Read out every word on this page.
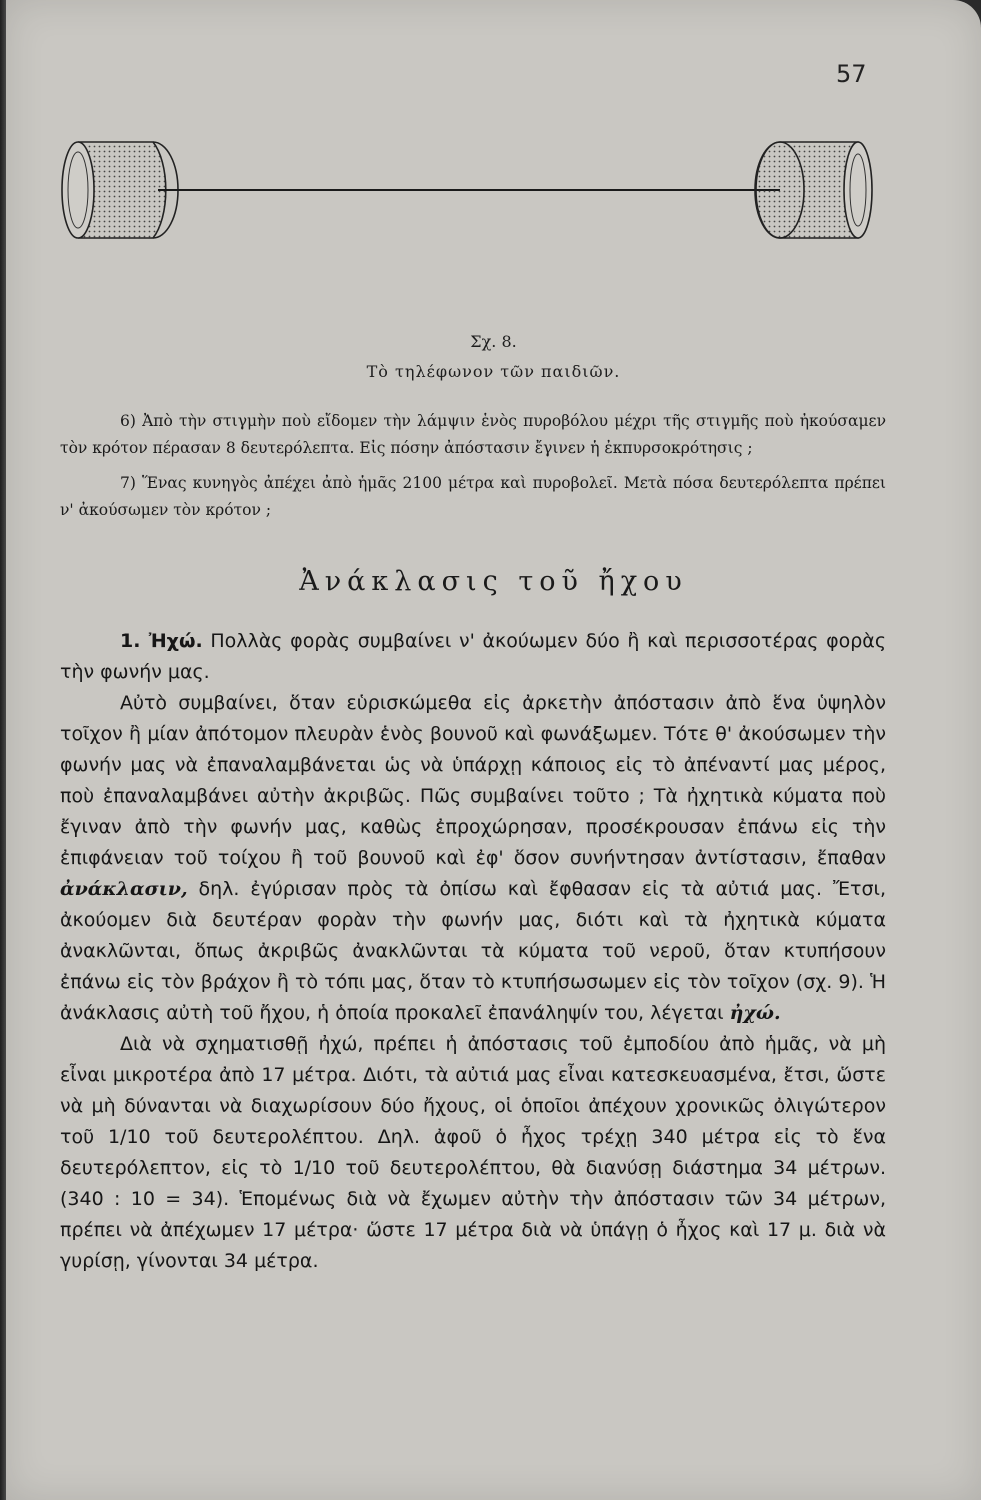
57
Σχ. 8.
Τὸ τηλέφωνον τῶν παιδιῶν.

6) Ἀπὸ τὴν στιγμὴν ποὺ εἴδομεν τὴν λάμψιν ἑνὸς πυροβόλου μέχρι τῆς στιγμῆς ποὺ ἠκούσαμεν τὸν κρότον πέρασαν 8 δευτερόλεπτα. Εἰς πόσην ἀπόστασιν ἔγινεν ἡ ἐκπυρσοκρότησις ;

7) Ἕνας κυνηγὸς ἀπέχει ἀπὸ ἡμᾶς 2100 μέτρα καὶ πυροβολεῖ. Μετὰ πόσα δευτερόλεπτα πρέπει ν' ἀκούσωμεν τὸν κρότον ;

Ἀνάκλασις τοῦ ἤχου

1. Ἠχώ. Πολλὰς φορὰς συμβαίνει ν' ἀκούωμεν δύο ἢ καὶ περισσοτέρας φορὰς τὴν φωνήν μας.

Αὐτὸ συμβαίνει, ὅταν εὑρισκώμεθα εἰς ἀρκετὴν ἀπόστασιν ἀπὸ ἕνα ὑψηλὸν τοῖχον ἢ μίαν ἀπότομον πλευρὰν ἑνὸς βουνοῦ καὶ φωνάξωμεν. Τότε θ' ἀκούσωμεν τὴν φωνήν μας νὰ ἐπαναλαμβάνεται ὡς νὰ ὑπάρχῃ κάποιος εἰς τὸ ἀπέναντί μας μέρος, ποὺ ἐπαναλαμβάνει αὐτὴν ἀκριβῶς. Πῶς συμβαίνει τοῦτο ; Τὰ ἠχητικὰ κύματα ποὺ ἔγιναν ἀπὸ τὴν φωνήν μας, καθὼς ἐπροχώρησαν, προσέκρουσαν ἐπάνω εἰς τὴν ἐπιφάνειαν τοῦ τοίχου ἢ τοῦ βουνοῦ καὶ ἐφ' ὅσον συνήντησαν ἀντίστασιν, ἔπαθαν ἀνάκλασιν, δηλ. ἐγύρισαν πρὸς τὰ ὀπίσω καὶ ἔφθασαν εἰς τὰ αὐτιά μας. Ἔτσι, ἀκούομεν διὰ δευτέραν φορὰν τὴν φωνήν μας, διότι καὶ τὰ ἠχητικὰ κύματα ἀνακλῶνται, ὅπως ἀκριβῶς ἀνακλῶνται τὰ κύματα τοῦ νεροῦ, ὅταν κτυπήσουν ἐπάνω εἰς τὸν βράχον ἢ τὸ τόπι μας, ὅταν τὸ κτυπήσωσωμεν εἰς τὸν τοῖχον (σχ. 9). Ἡ ἀνάκλασις αὐτὴ τοῦ ἤχου, ἡ ὁποία προκαλεῖ ἐπανάληψίν του, λέγεται ἠχώ.

Διὰ νὰ σχηματισθῇ ἠχώ, πρέπει ἡ ἀπόστασις τοῦ ἐμποδίου ἀπὸ ἡμᾶς, νὰ μὴ εἶναι μικροτέρα ἀπὸ 17 μέτρα. Διότι, τὰ αὐτιά μας εἶναι κατεσκευασμένα, ἔτσι, ὥστε νὰ μὴ δύνανται νὰ διαχωρίσουν δύο ἤχους, οἱ ὁποῖοι ἀπέχουν χρονικῶς ὀλιγώτερον τοῦ 1/10 τοῦ δευτερολέπτου. Δηλ. ἀφοῦ ὁ ἦχος τρέχῃ 340 μέτρα εἰς τὸ ἕνα δευτερόλεπτον, εἰς τὸ 1/10 τοῦ δευτερολέπτου, θὰ διανύσῃ διάστημα 34 μέτρων. (340 : 10 = 34). Ἑπομένως διὰ νὰ ἔχωμεν αὐτὴν τὴν ἀπόστασιν τῶν 34 μέτρων, πρέπει νὰ ἀπέχωμεν 17 μέτρα· ὥστε 17 μέτρα διὰ νὰ ὑπάγῃ ὁ ἦχος καὶ 17 μ. διὰ νὰ γυρίσῃ, γίνονται 34 μέτρα.
